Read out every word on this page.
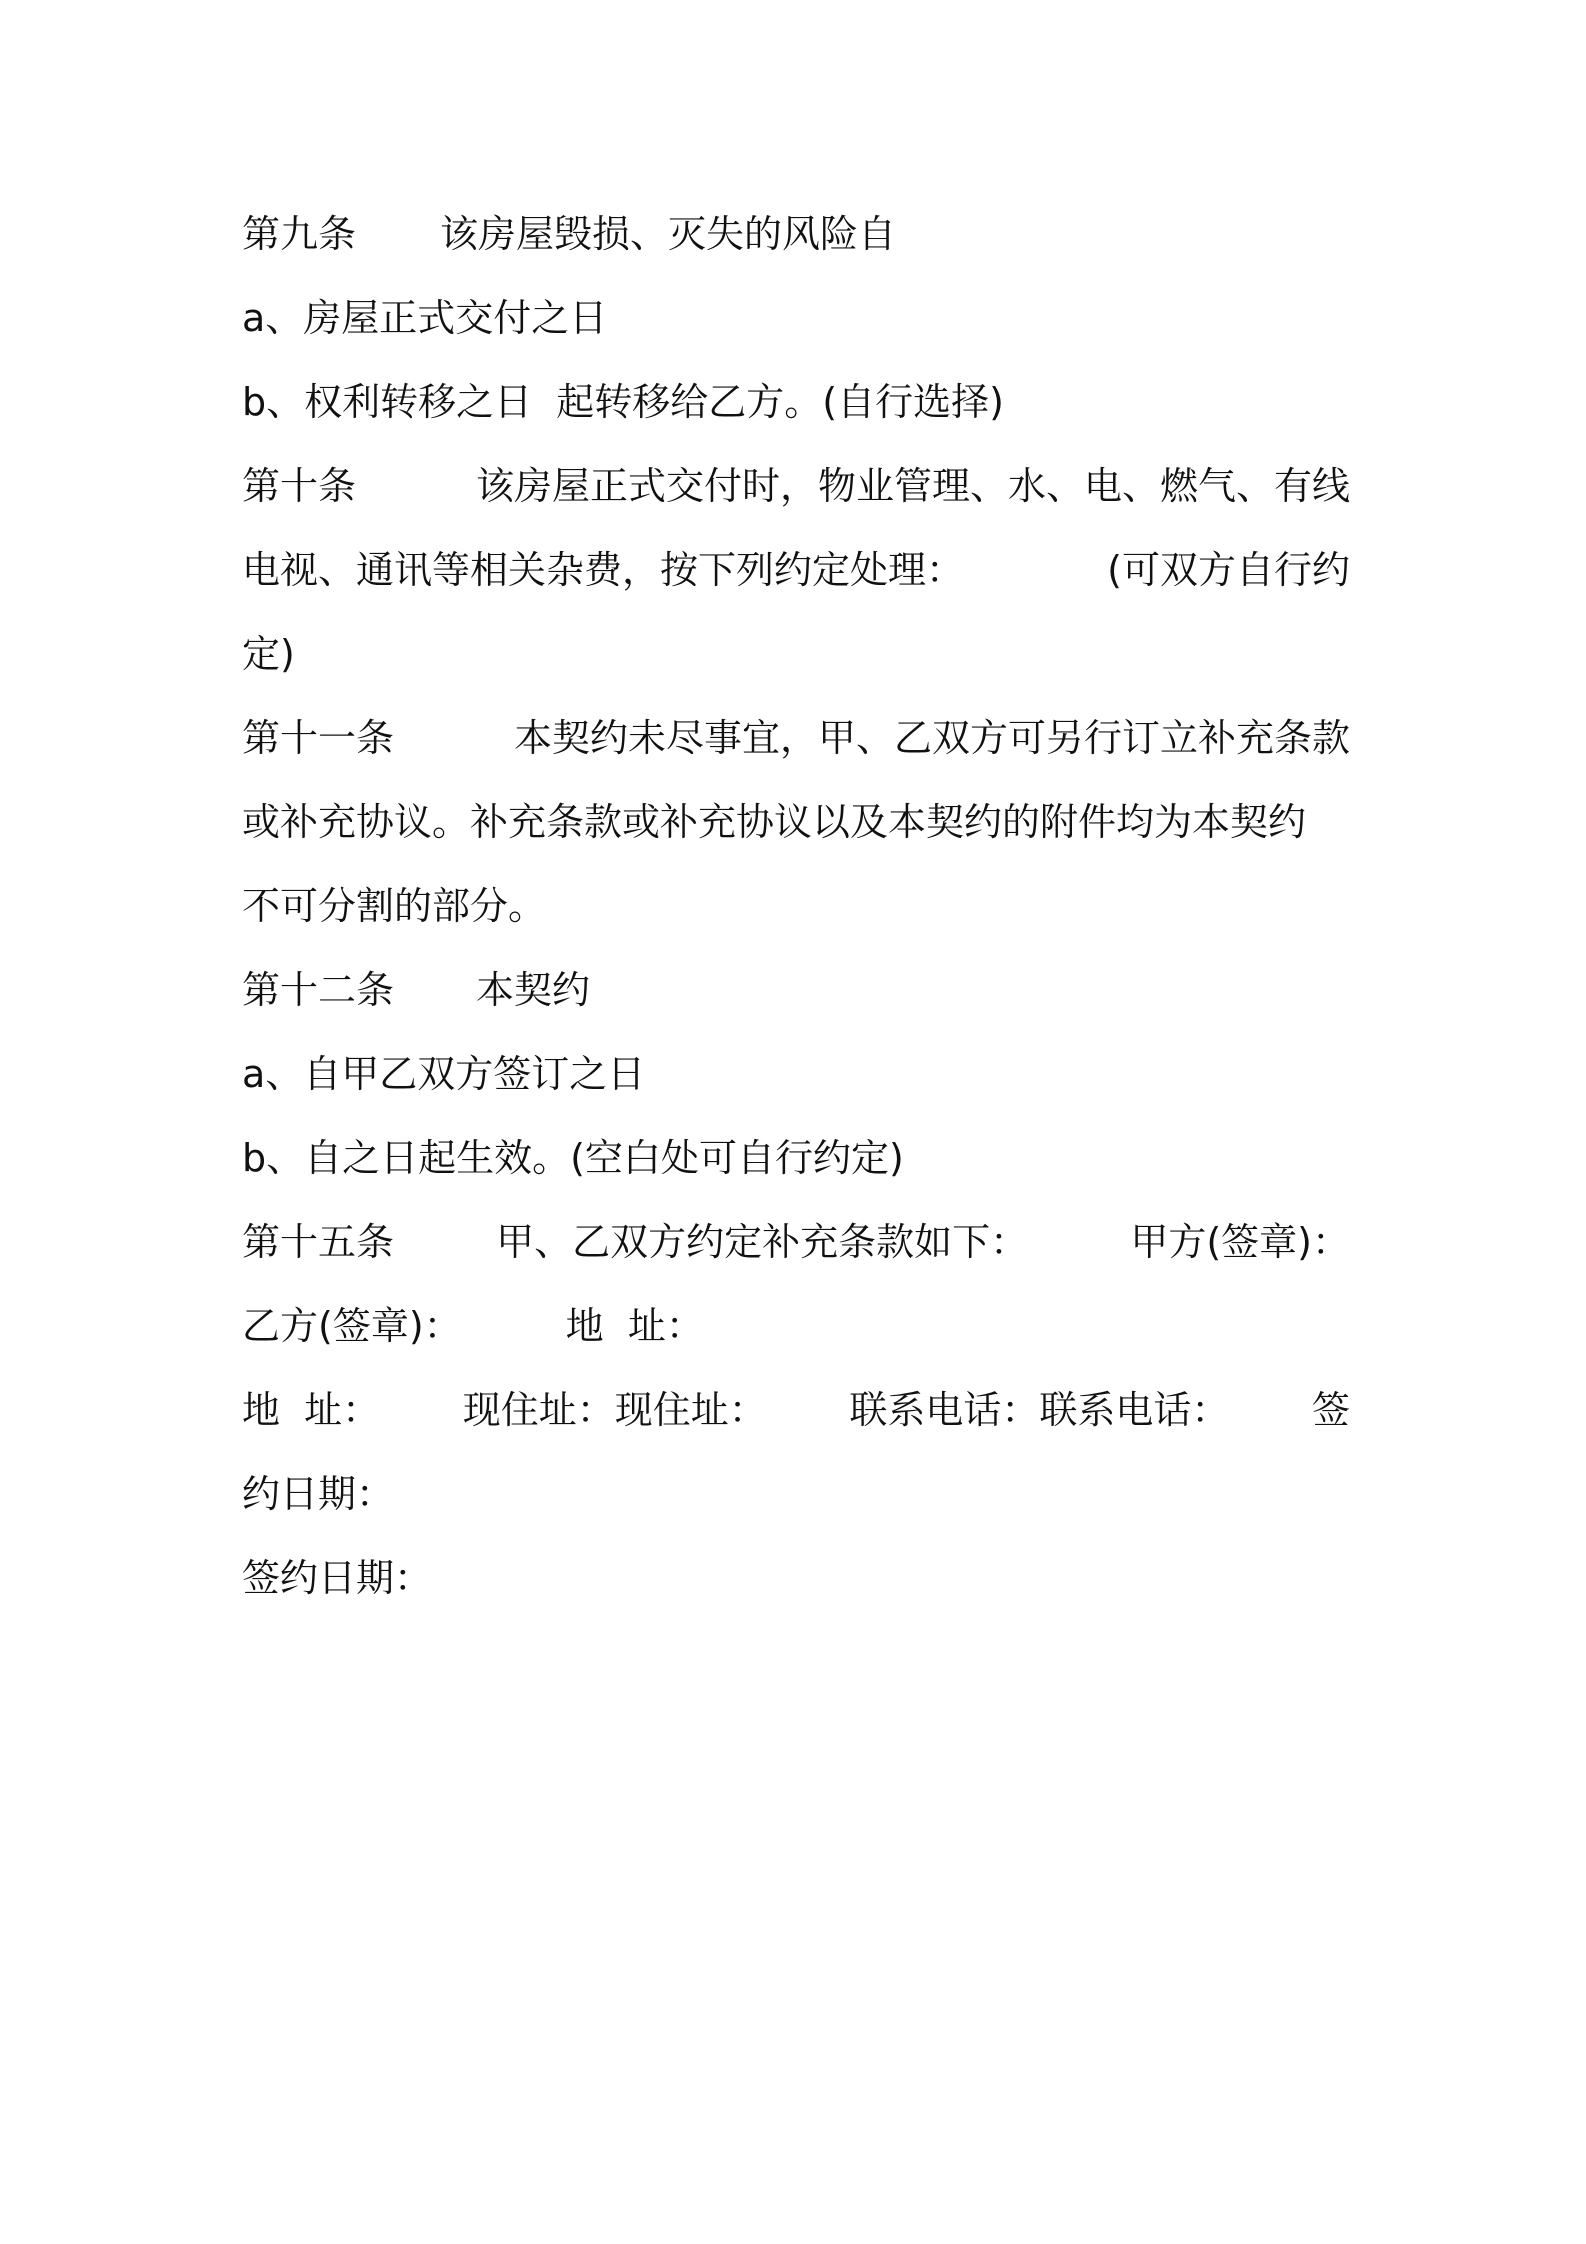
第九条 该房屋毁损、灭失的风险自
a、房屋正式交付之日
b、权利转移之日  起转移给乙方。(自行选择)
第十条	该房屋正式交付时，物业管理、水、电、燃气、有线
电视、通讯等相关杂费，按下列约定处理：	(可双方自行约
定)
第十一条	本契约未尽事宜，甲、乙双方可另行订立补充条款
或补充协议。补充条款或补充协议以及本契约的附件均为本契约
不可分割的部分。
第十二条 本契约
a、自甲乙双方签订之日
b、自之日起生效。(空白处可自行约定)
第十五条	甲、乙双方约定补充条款如下：	甲方(签章)：
乙方(签章)：	地  址：
地  址： 现住址：现住址： 联系电话：联系电话： 签
约日期：
签约日期：
